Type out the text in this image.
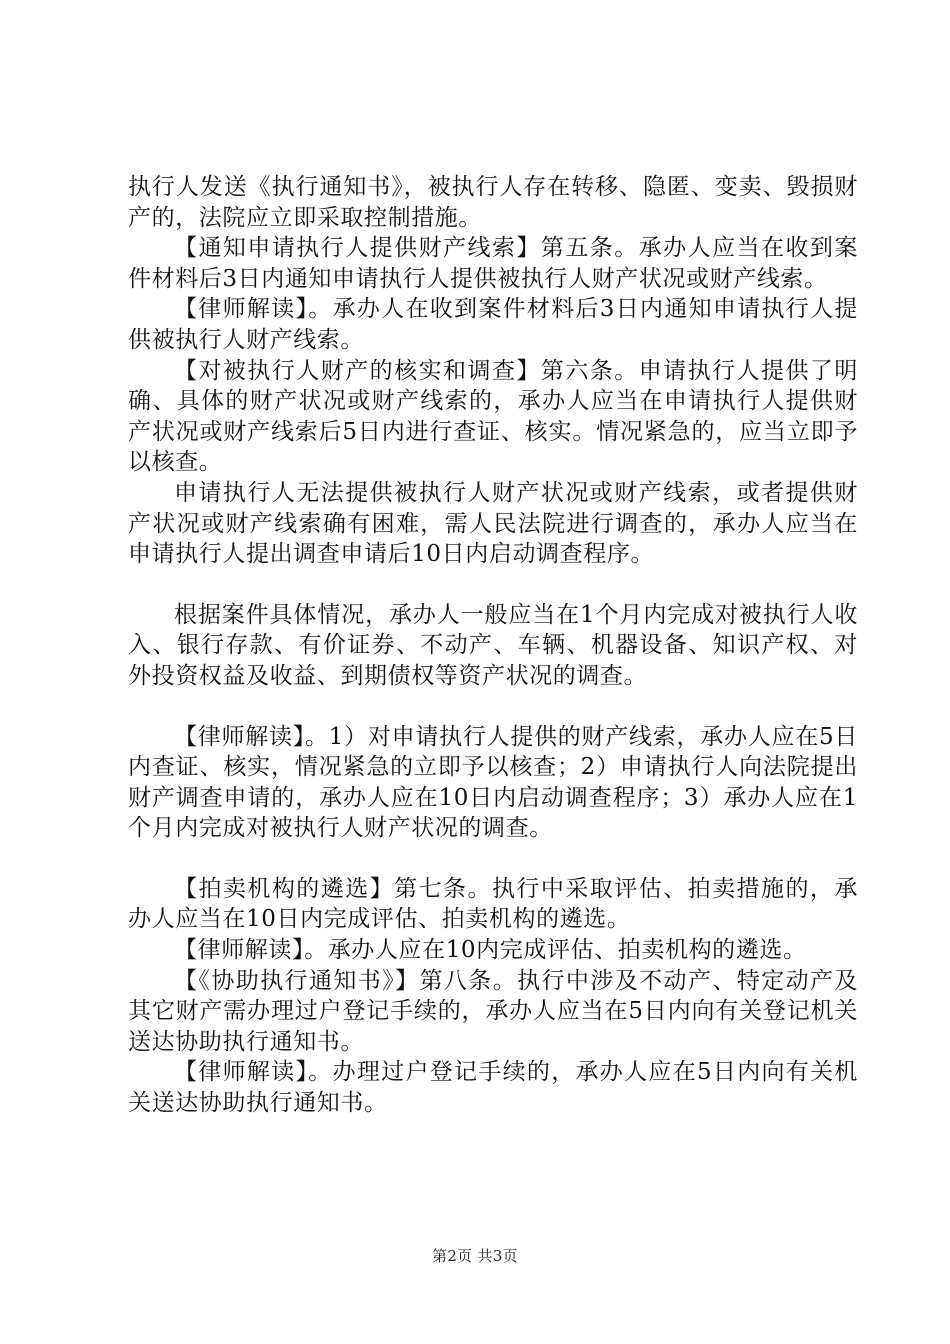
执行人发送《执行通知书》，被执行人存在转移、隐匿、变卖、毁损财产的，法院应立即采取控制措施。

【通知申请执行人提供财产线索】第五条。承办人应当在收到案件材料后3日内通知申请执行人提供被执行人财产状况或财产线索。

【律师解读】。承办人在收到案件材料后3日内通知申请执行人提供被执行人财产线索。

【对被执行人财产的核实和调查】第六条。申请执行人提供了明确、具体的财产状况或财产线索的，承办人应当在申请执行人提供财产状况或财产线索后5日内进行查证、核实。情况紧急的，应当立即予以核查。

申请执行人无法提供被执行人财产状况或财产线索，或者提供财产状况或财产线索确有困难，需人民法院进行调查的，承办人应当在申请执行人提出调查申请后10日内启动调查程序。

根据案件具体情况，承办人一般应当在1个月内完成对被执行人收入、银行存款、有价证券、不动产、车辆、机器设备、知识产权、对外投资权益及收益、到期债权等资产状况的调查。

【律师解读】。1）对申请执行人提供的财产线索，承办人应在5日内查证、核实，情况紧急的立即予以核查；2）申请执行人向法院提出财产调查申请的，承办人应在10日内启动调查程序；3）承办人应在1个月内完成对被执行人财产状况的调查。

【拍卖机构的遴选】第七条。执行中采取评估、拍卖措施的，承办人应当在10日内完成评估、拍卖机构的遴选。

【律师解读】。承办人应在10内完成评估、拍卖机构的遴选。

【《协助执行通知书》】第八条。执行中涉及不动产、特定动产及其它财产需办理过户登记手续的，承办人应当在5日内向有关登记机关送达协助执行通知书。

【律师解读】。办理过户登记手续的，承办人应在5日内向有关机关送达协助执行通知书。

第2页 共3页
